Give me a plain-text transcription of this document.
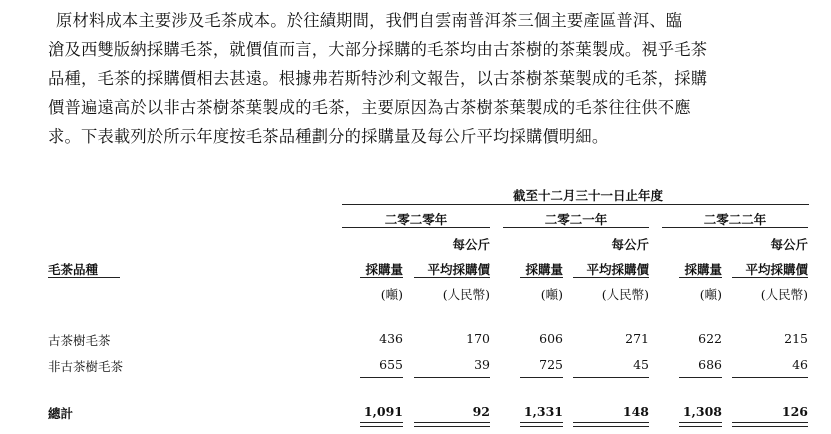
原材料成本主要涉及毛茶成本。於往績期間，我們自雲南普洱茶三個主要產區普洱、臨
滄及西雙版納採購毛茶，就價值而言，大部分採購的毛茶均由古茶樹的茶葉製成。視乎毛茶
品種，毛茶的採購價相去甚遠。根據弗若斯特沙利文報告，以古茶樹茶葉製成的毛茶，採購
價普遍遠高於以非古茶樹茶葉製成的毛茶，主要原因為古茶樹茶葉製成的毛茶往往供不應
求。下表載列於所示年度按毛茶品種劃分的採購量及每公斤平均採購價明細。
截至十二月三十一日止年度
二零二零年	二零二一年	二零二二年
每公斤	每公斤	每公斤
毛茶品種	採購量	平均採購價	採購量	平均採購價	採購量	平均採購價
(噸)	(人民幣)	(噸)	(人民幣)	(噸)	(人民幣)
古茶樹毛茶	436	170	606	271	622	215
非古茶樹毛茶	655	39	725	45	686	46
總計	1,091	92	1,331	148	1,308	126
